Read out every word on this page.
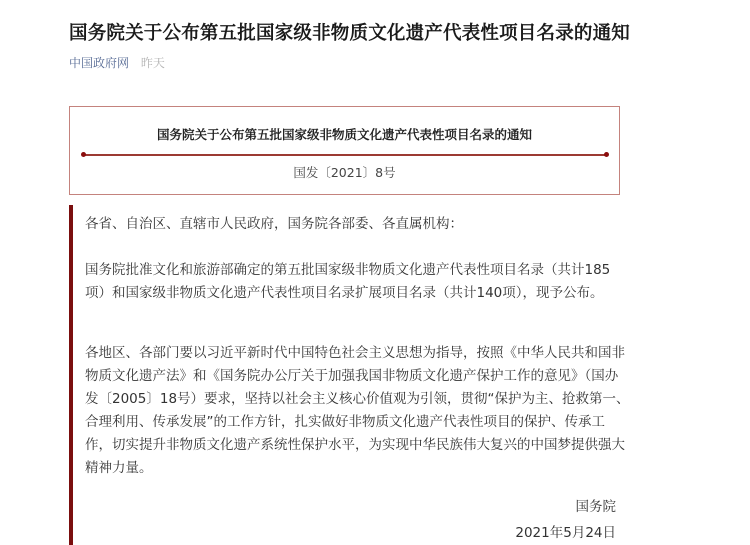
国务院关于公布第五批国家级非物质文化遗产代表性项目名录的通知
中国政府网 昨天
国务院关于公布第五批国家级非物质文化遗产代表性项目名录的通知
国发〔2021〕8号
各省、自治区、直辖市人民政府，国务院各部委、各直属机构：
国务院批准文化和旅游部确定的第五批国家级非物质文化遗产代表性项目名录（共计185项）和国家级非物质文化遗产代表性项目名录扩展项目名录（共计140项），现予公布。
各地区、各部门要以习近平新时代中国特色社会主义思想为指导，按照《中华人民共和国非物质文化遗产法》和《国务院办公厅关于加强我国非物质文化遗产保护工作的意见》（国办发〔2005〕18号）要求，坚持以社会主义核心价值观为引领，贯彻“保护为主、抢救第一、合理利用、传承发展”的工作方针，扎实做好非物质文化遗产代表性项目的保护、传承工作，切实提升非物质文化遗产系统性保护水平，为实现中华民族伟大复兴的中国梦提供强大精神力量。
国务院
2021年5月24日
